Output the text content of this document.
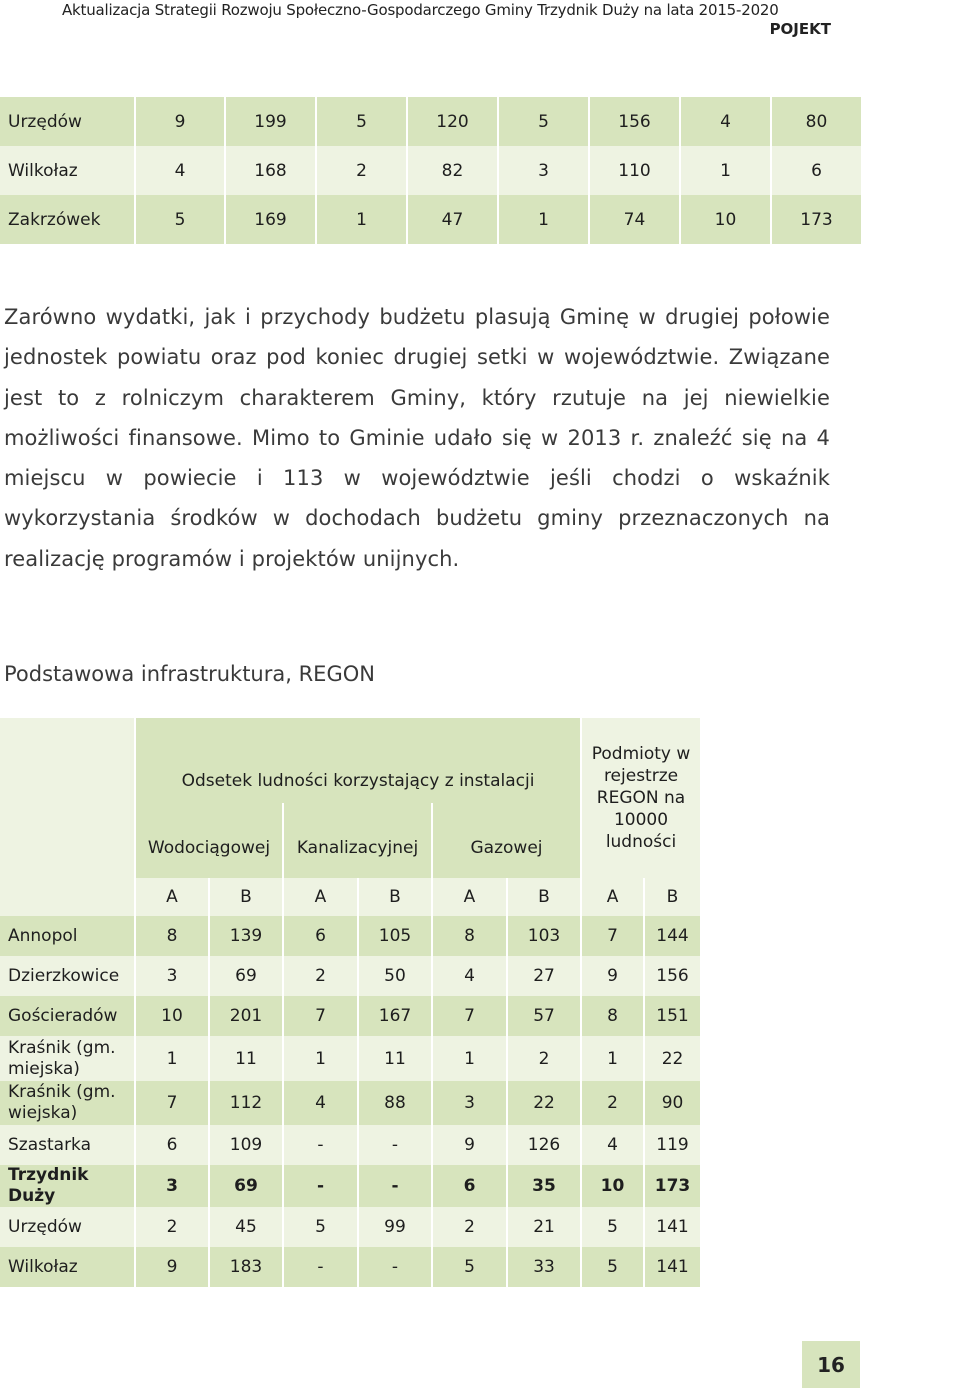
Aktualizacja Strategii Rozwoju Społeczno-Gospodarczego Gminy Trzydnik Duży na lata 2015-2020
POJEKT
Urzędów	9	199	5	120	5	156	4	80
Wilkołaz	4	168	2	82	3	110	1	6
Zakrzówek	5	169	1	47	1	74	10	173
Zarówno wydatki, jak i przychody budżetu plasują Gminę w drugiej połowie
jednostek powiatu oraz pod koniec drugiej setki w województwie. Związane
jest to z rolniczym charakterem Gminy, który rzutuje na jej niewielkie
możliwości finansowe. Mimo to Gminie udało się w 2013 r. znaleźć się na 4
miejscu w powiecie i 113 w województwie jeśli chodzi o wskaźnik
wykorzystania środków w dochodach budżetu gminy przeznaczonych na
realizację programów i projektów unijnych.
Podstawowa infrastruktura, REGON
	Odsetek ludności korzystający z instalacji						Podmioty w rejestrze REGON na 10000 ludności	
	Wodociągowej		Kanalizacyjnej		Gazowej			
	A	B	A	B	A	B	A	B
Annopol	8	139	6	105	8	103	7	144
Dzierzkowice	3	69	2	50	4	27	9	156
Gościeradów	10	201	7	167	7	57	8	151
Kraśnik (gm. miejska)	1	11	1	11	1	2	1	22
Kraśnik (gm. wiejska)	7	112	4	88	3	22	2	90
Szastarka	6	109	-	-	9	126	4	119
Trzydnik Duży	3	69	-	-	6	35	10	173
Urzędów	2	45	5	99	2	21	5	141
Wilkołaz	9	183	-	-	5	33	5	141
16
